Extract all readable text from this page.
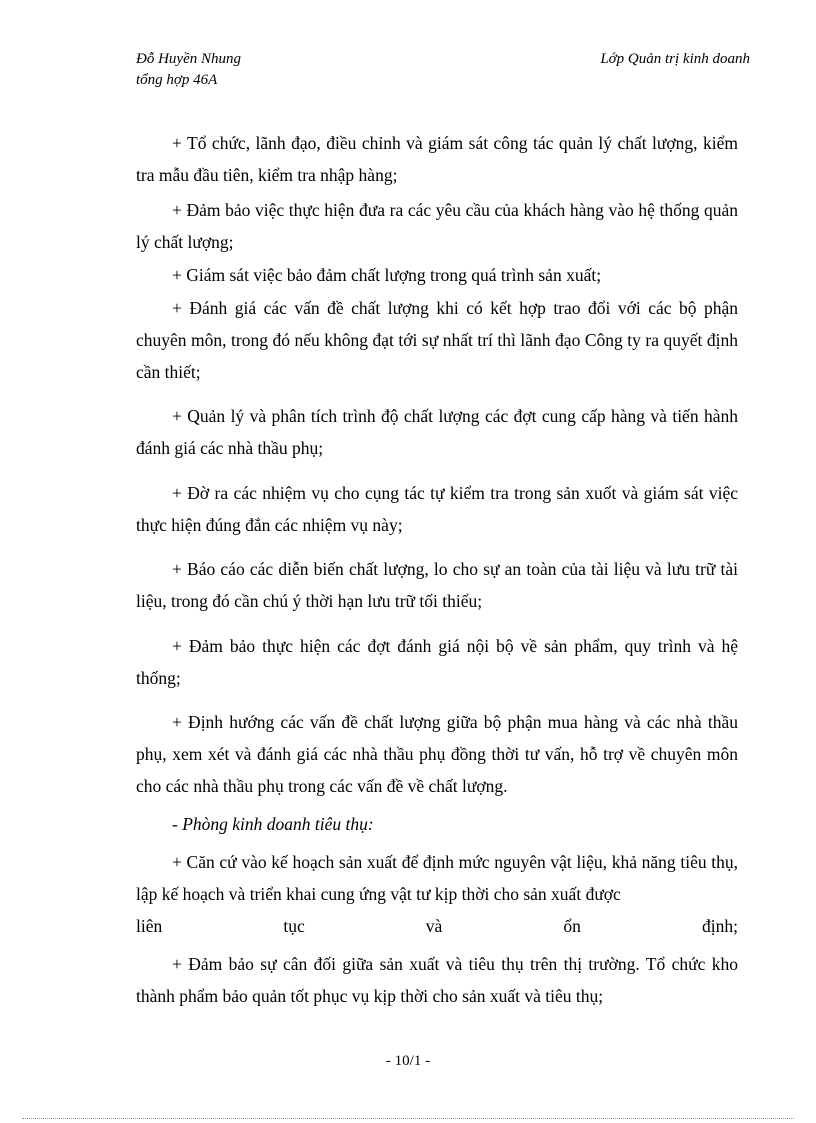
Đỗ Huyền Nhung
tổng hợp 46A
Lớp Quản trị kinh doanh

+ Tổ chức, lãnh đạo, điều chỉnh và giám sát công tác quản lý chất lượng, kiểm tra mẫu đầu tiên, kiểm tra nhập hàng;

+ Đảm bảo việc thực hiện đưa ra các yêu cầu của khách hàng vào hệ thống quản lý chất lượng;

+ Giám sát việc bảo đảm chất lượng trong quá trình sản xuất;

+ Đánh giá các vấn đề chất lượng khi có kết hợp trao đổi với các bộ phận chuyên môn, trong đó nếu không đạt tới sự nhất trí thì lãnh đạo Công ty ra quyết định cần thiết;

+ Quản lý và phân tích trình độ chất lượng các đợt cung cấp hàng và tiến hành đánh giá các nhà thầu phụ;

+ Đờ ra các nhiệm vụ cho cụng tác tự kiểm tra trong sản xuốt và giám sát việc thực hiện đúng đắn các nhiệm vụ này;

+ Báo cáo các diễn biến chất lượng, lo cho sự an toàn của tài liệu và lưu trữ tài liệu, trong đó cần chú ý thời hạn lưu trữ tối thiểu;

+ Đảm bảo thực hiện các đợt đánh giá nội bộ về sản phẩm, quy trình và hệ thống;

+ Định hướng các vấn đề chất lượng giữa bộ phận mua hàng và các nhà thầu phụ, xem xét và đánh giá các nhà thầu phụ đồng thời tư vấn, hỗ trợ về chuyên môn cho các nhà thầu phụ trong các vấn đề về chất lượng.

- Phòng kinh doanh tiêu thụ:

+ Căn cứ vào kế hoạch sản xuất để định mức nguyên vật liệu, khả năng tiêu thụ, lập kế hoạch và triển khai cung ứng vật tư kịp thời cho sản xuất được

liên tục và ổn định;

+ Đảm bảo sự cân đối giữa sản xuất và tiêu thụ trên thị trường. Tổ chức kho thành phẩm bảo quản tốt phục vụ kịp thời cho sản xuất và tiêu thụ;

- 10/1 -
